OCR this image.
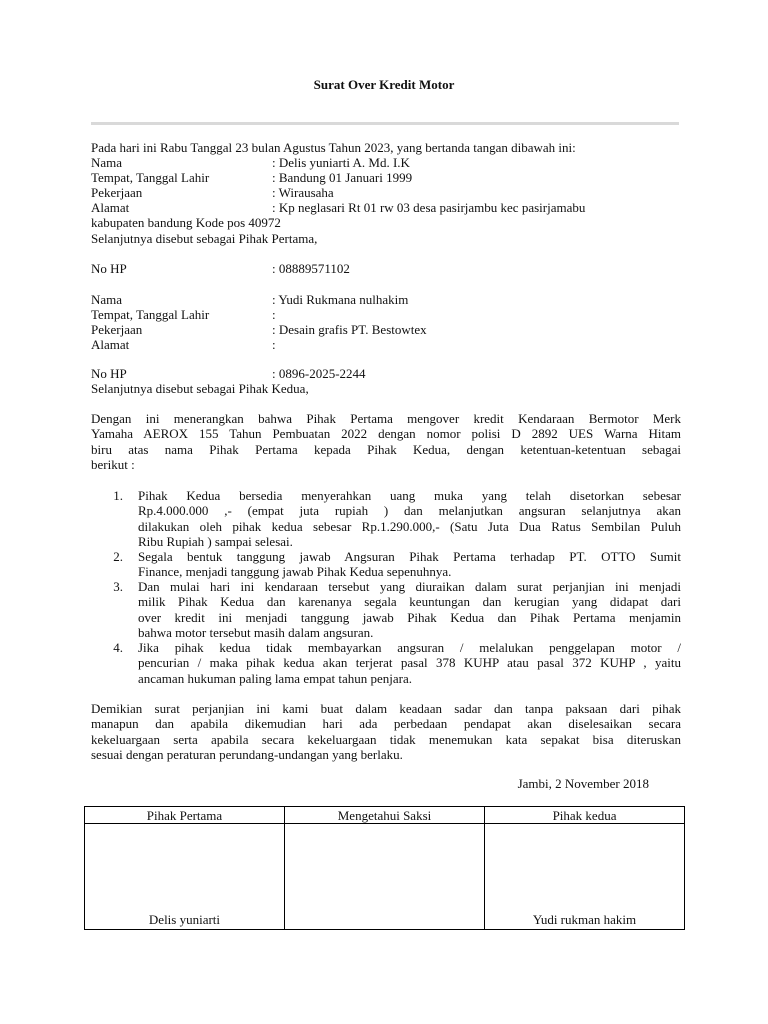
Surat Over Kredit Motor
Pada hari ini Rabu Tanggal 23 bulan Agustus Tahun 2023, yang bertanda tangan dibawah ini:
Nama	: Delis yuniarti A. Md. I.K
Tempat, Tanggal Lahir	: Bandung 01 Januari 1999
Pekerjaan	: Wirausaha
Alamat	: Kp neglasari Rt 01 rw 03 desa pasirjambu kec pasirjamabu
kabupaten bandung Kode pos 40972
Selanjutnya disebut sebagai Pihak Pertama,
No HP	: 08889571102
Nama	: Yudi Rukmana nulhakim
Tempat, Tanggal Lahir	:
Pekerjaan	: Desain grafis PT. Bestowtex
Alamat	:
No HP	: 0896-2025-2244
Selanjutnya disebut sebagai Pihak Kedua,
Dengan ini menerangkan bahwa Pihak Pertama mengover kredit Kendaraan Bermotor Merk
Yamaha AEROX 155 Tahun Pembuatan 2022 dengan nomor polisi D 2892 UES Warna Hitam
biru atas nama Pihak Pertama kepada Pihak Kedua, dengan ketentuan-ketentuan sebagai
berikut :
1. Pihak Kedua bersedia menyerahkan uang muka yang telah disetorkan sebesar
Rp.4.000.000 ,- (empat juta rupiah ) dan melanjutkan angsuran selanjutnya akan
dilakukan oleh pihak kedua sebesar Rp.1.290.000,- (Satu Juta Dua Ratus Sembilan Puluh
Ribu Rupiah ) sampai selesai.
2. Segala bentuk tanggung jawab Angsuran Pihak Pertama terhadap PT. OTTO Sumit
Finance, menjadi tanggung jawab Pihak Kedua sepenuhnya.
3. Dan mulai hari ini kendaraan tersebut yang diuraikan dalam surat perjanjian ini menjadi
milik Pihak Kedua dan karenanya segala keuntungan dan kerugian yang didapat dari
over kredit ini menjadi tanggung jawab Pihak Kedua dan Pihak Pertama menjamin
bahwa motor tersebut masih dalam angsuran.
4. Jika pihak kedua tidak membayarkan angsuran / melalukan penggelapan motor /
pencurian / maka pihak kedua akan terjerat pasal 378 KUHP atau pasal 372 KUHP , yaitu
ancaman hukuman paling lama empat tahun penjara.
Demikian surat perjanjian ini kami buat dalam keadaan sadar dan tanpa paksaan dari pihak
manapun dan apabila dikemudian hari ada perbedaan pendapat akan diselesaikan secara
kekeluargaan serta apabila secara kekeluargaan tidak menemukan kata sepakat bisa diteruskan
sesuai dengan peraturan perundang-undangan yang berlaku.
Jambi, 2 November 2018
Pihak Pertama	Mengetahui Saksi	Pihak kedua
Delis yuniarti		Yudi rukman hakim
